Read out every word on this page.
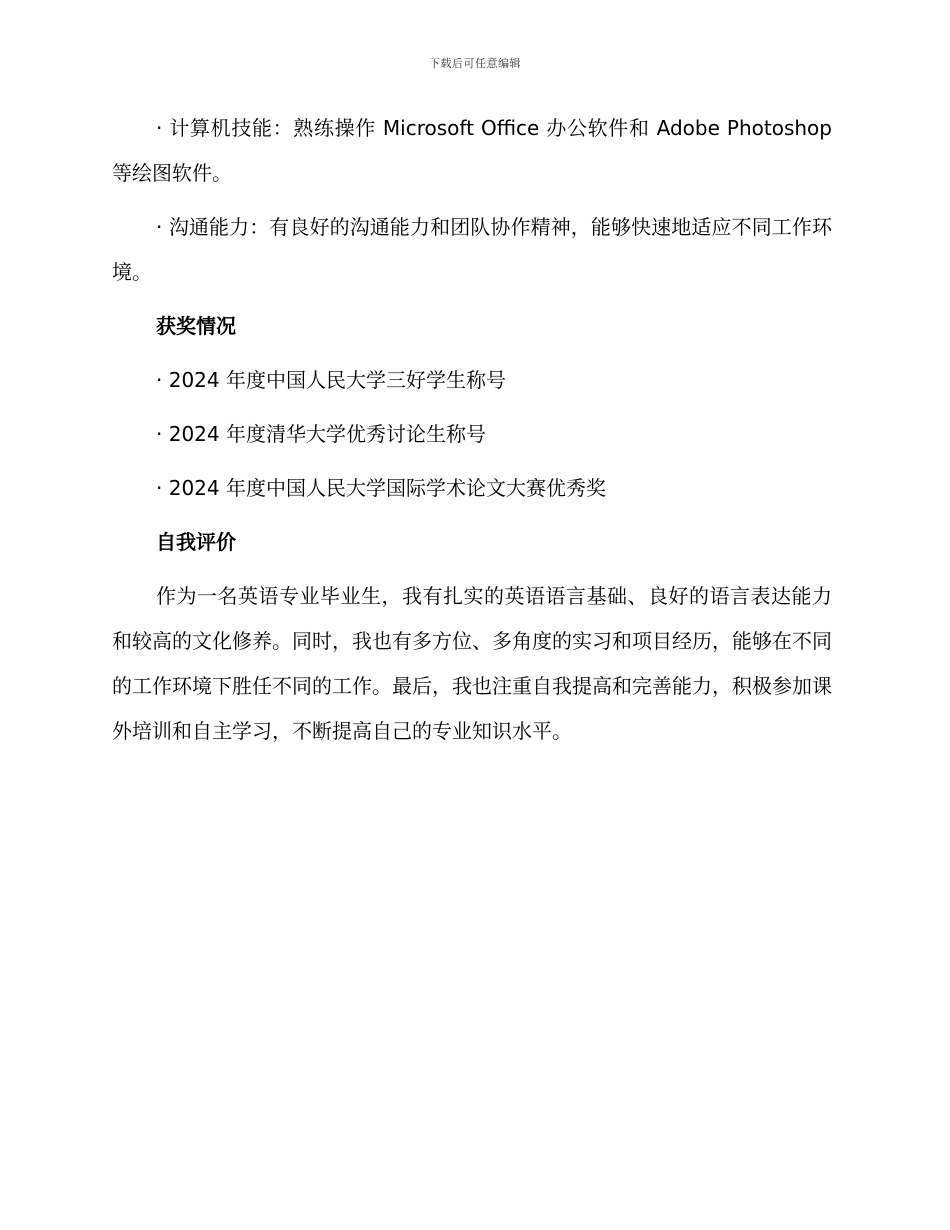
下载后可任意编辑

· 计算机技能：熟练操作 Microsoft Office 办公软件和 Adobe Photoshop 等绘图软件。

· 沟通能力：有良好的沟通能力和团队协作精神，能够快速地适应不同工作环境。

获奖情况
· 2024 年度中国人民大学三好学生称号
· 2024 年度清华大学优秀讨论生称号
· 2024 年度中国人民大学国际学术论文大赛优秀奖
自我评价

作为一名英语专业毕业生，我有扎实的英语语言基础、良好的语言表达能力和较高的文化修养。同时，我也有多方位、多角度的实习和项目经历，能够在不同的工作环境下胜任不同的工作。最后，我也注重自我提高和完善能力，积极参加课外培训和自主学习，不断提高自己的专业知识水平。
